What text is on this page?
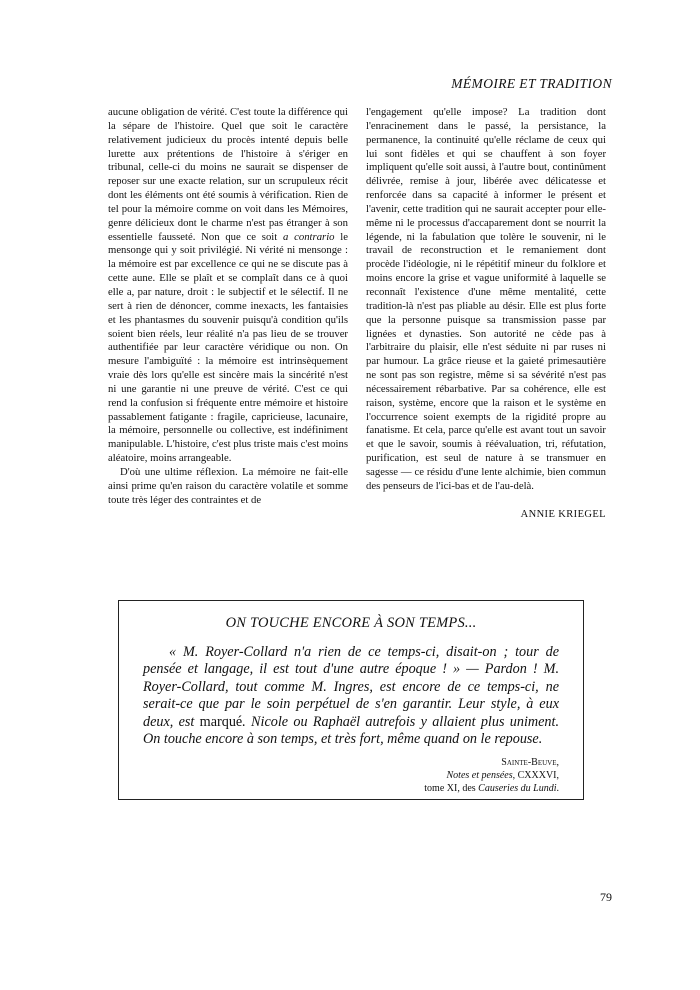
MÉMOIRE ET TRADITION

aucune obligation de vérité. C'est toute la différence qui la sépare de l'histoire. Quel que soit le caractère relativement judicieux du procès intenté depuis belle lurette aux prétentions de l'histoire à s'ériger en tribunal, celle-ci du moins ne saurait se dispenser de reposer sur une exacte relation, sur un scrupuleux récit dont les éléments ont été soumis à vérification. Rien de tel pour la mémoire comme on voit dans les Mémoires, genre délicieux dont le charme n'est pas étranger à son essentielle fausseté. Non que ce soit a contrario le mensonge qui y soit privilégié. Ni vérité ni mensonge : la mémoire est par excellence ce qui ne se discute pas à cette aune. Elle se plaît et se complaît dans ce à quoi elle a, par nature, droit : le subjectif et le sélectif. Il ne sert à rien de dénoncer, comme inexacts, les fantaisies et les phantasmes du souvenir puisqu'à condition qu'ils soient bien réels, leur réalité n'a pas lieu de se trouver authentifiée par leur caractère véridique ou non. On mesure l'ambiguïté : la mémoire est intrinsèquement vraie dès lors qu'elle est sincère mais la sincérité n'est ni une garantie ni une preuve de vérité. C'est ce qui rend la confusion si fréquente entre mémoire et histoire passablement fatigante : fragile, capricieuse, lacunaire, la mémoire, personnelle ou collective, est indéfiniment manipulable. L'histoire, c'est plus triste mais c'est moins aléatoire, moins arrangeable.

D'où une ultime réflexion. La mémoire ne fait-elle ainsi prime qu'en raison du caractère volatile et somme toute très léger des contraintes et de

l'engagement qu'elle impose? La tradition dont l'enracinement dans le passé, la persistance, la permanence, la continuité qu'elle réclame de ceux qui lui sont fidèles et qui se chauffent à son foyer impliquent qu'elle soit aussi, à l'autre bout, continûment délivrée, remise à jour, libérée avec délicatesse et renforcée dans sa capacité à informer le présent et l'avenir, cette tradition qui ne saurait accepter pour elle-même ni le processus d'accaparement dont se nourrit la légende, ni la fabulation que tolère le souvenir, ni le travail de reconstruction et le remaniement dont procède l'idéologie, ni le répétitif mineur du folklore et moins encore la grise et vague uniformité à laquelle se reconnaît l'existence d'une même mentalité, cette tradition-là n'est pas pliable au désir. Elle est plus forte que la personne puisque sa transmission passe par lignées et dynasties. Son autorité ne cède pas à l'arbitraire du plaisir, elle n'est séduite ni par ruses ni par humour. La grâce rieuse et la gaieté primesautière ne sont pas son registre, même si sa sévérité n'est pas nécessairement rébarbative. Par sa cohérence, elle est raison, système, encore que la raison et le système en l'occurrence soient exempts de la rigidité propre au fanatisme. Et cela, parce qu'elle est avant tout un savoir et que le savoir, soumis à réévaluation, tri, réfutation, purification, est seul de nature à se transmuer en sagesse — ce résidu d'une lente alchimie, bien commun des penseurs de l'ici-bas et de l'au-delà.

ANNIE KRIEGEL
ON TOUCHE ENCORE À SON TEMPS...

« M. Royer-Collard n'a rien de ce temps-ci, disait-on ; tour de pensée et langage, il est tout d'une autre époque ! » — Pardon ! M. Royer-Collard, tout comme M. Ingres, est encore de ce temps-ci, ne serait-ce que par le soin perpétuel de s'en garantir. Leur style, à eux deux, est marqué. Nicole ou Raphaël autrefois y allaient plus uniment. On touche encore à son temps, et très fort, même quand on le repouse.

Sainte-Beuve,
Notes et pensées, CXXXVI,
tome XI, des Causeries du Lundi.
79
